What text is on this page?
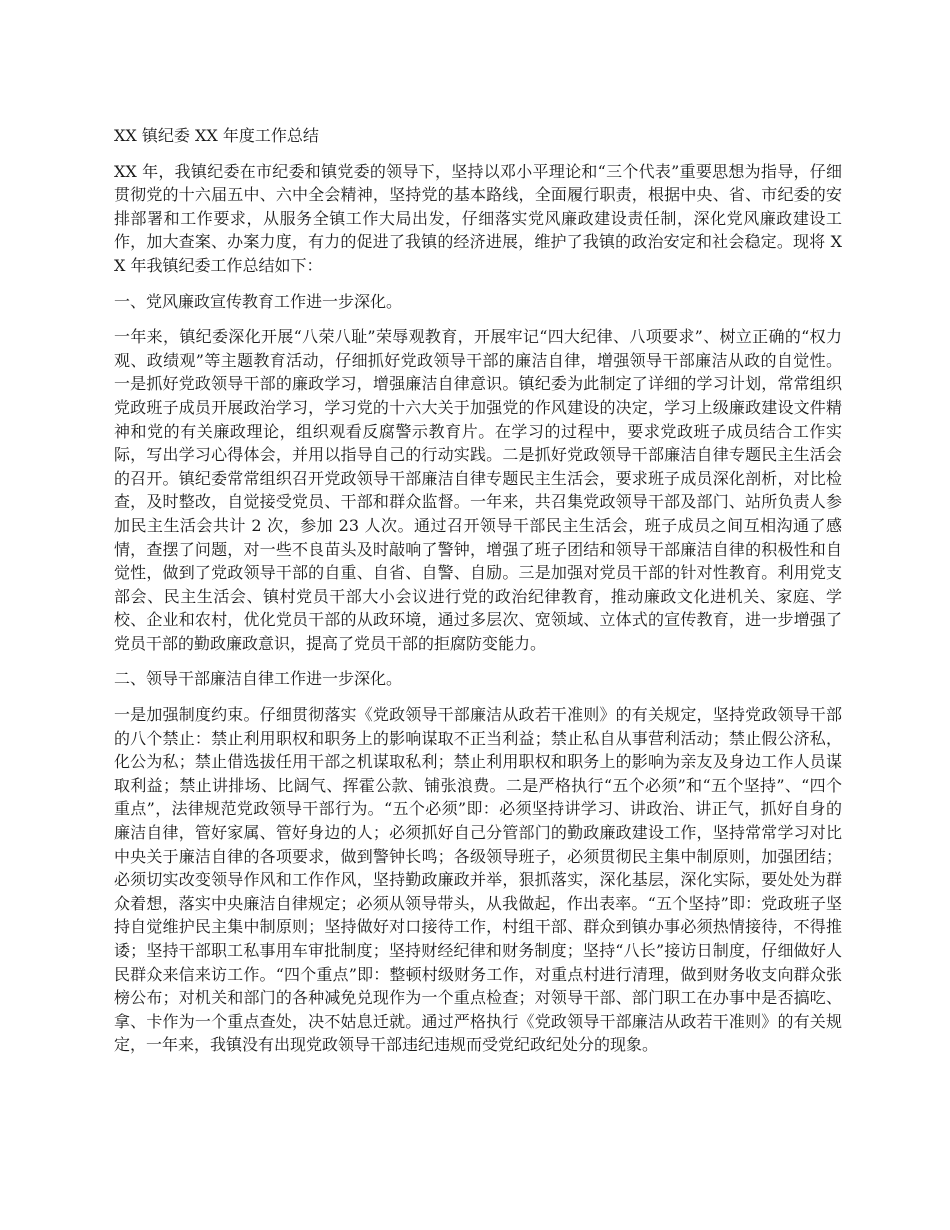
XX 镇纪委 XX 年度工作总结

XX 年，我镇纪委在市纪委和镇党委的领导下，坚持以邓小平理论和“三个代表”重要思想为指导，仔细贯彻党的十六届五中、六中全会精神，坚持党的基本路线，全面履行职责，根据中央、省、市纪委的安排部署和工作要求，从服务全镇工作大局出发，仔细落实党风廉政建设责任制，深化党风廉政建设工作，加大查案、办案力度，有力的促进了我镇的经济进展，维护了我镇的政治安定和社会稳定。现将 XX 年我镇纪委工作总结如下：

一、党风廉政宣传教育工作进一步深化。

一年来，镇纪委深化开展“八荣八耻”荣辱观教育，开展牢记“四大纪律、八项要求”、树立正确的“权力观、政绩观”等主题教育活动，仔细抓好党政领导干部的廉洁自律，增强领导干部廉洁从政的自觉性。一是抓好党政领导干部的廉政学习，增强廉洁自律意识。镇纪委为此制定了详细的学习计划，常常组织党政班子成员开展政治学习，学习党的十六大关于加强党的作风建设的决定，学习上级廉政建设文件精神和党的有关廉政理论，组织观看反腐警示教育片。在学习的过程中，要求党政班子成员结合工作实际，写出学习心得体会，并用以指导自己的行动实践。二是抓好党政领导干部廉洁自律专题民主生活会的召开。镇纪委常常组织召开党政领导干部廉洁自律专题民主生活会，要求班子成员深化剖析，对比检查，及时整改，自觉接受党员、干部和群众监督。一年来，共召集党政领导干部及部门、站所负责人参加民主生活会共计 2 次，参加 23 人次。通过召开领导干部民主生活会，班子成员之间互相沟通了感情，查摆了问题，对一些不良苗头及时敲响了警钟，增强了班子团结和领导干部廉洁自律的积极性和自觉性，做到了党政领导干部的自重、自省、自警、自励。三是加强对党员干部的针对性教育。利用党支部会、民主生活会、镇村党员干部大小会议进行党的政治纪律教育，推动廉政文化进机关、家庭、学校、企业和农村，优化党员干部的从政环境，通过多层次、宽领域、立体式的宣传教育，进一步增强了党员干部的勤政廉政意识，提高了党员干部的拒腐防变能力。

二、领导干部廉洁自律工作进一步深化。

一是加强制度约束。仔细贯彻落实《党政领导干部廉洁从政若干准则》的有关规定，坚持党政领导干部的八个禁止：禁止利用职权和职务上的影响谋取不正当利益；禁止私自从事营利活动；禁止假公济私，化公为私；禁止借选拔任用干部之机谋取私利；禁止利用职权和职务上的影响为亲友及身边工作人员谋取利益；禁止讲排场、比阔气、挥霍公款、铺张浪费。二是严格执行“五个必须”和“五个坚持”、“四个重点”，法律规范党政领导干部行为。“五个必须”即：必须坚持讲学习、讲政治、讲正气，抓好自身的廉洁自律，管好家属、管好身边的人；必须抓好自己分管部门的勤政廉政建设工作，坚持常常学习对比中央关于廉洁自律的各项要求，做到警钟长鸣；各级领导班子，必须贯彻民主集中制原则，加强团结；必须切实改变领导作风和工作作风，坚持勤政廉政并举，狠抓落实，深化基层，深化实际，要处处为群众着想，落实中央廉洁自律规定；必须从领导带头，从我做起，作出表率。“五个坚持”即：党政班子坚持自觉维护民主集中制原则；坚持做好对口接待工作，村组干部、群众到镇办事必须热情接待，不得推诿；坚持干部职工私事用车审批制度；坚持财经纪律和财务制度；坚持“八长”接访日制度，仔细做好人民群众来信来访工作。“四个重点”即：整顿村级财务工作，对重点村进行清理，做到财务收支向群众张榜公布；对机关和部门的各种减免兑现作为一个重点检查；对领导干部、部门职工在办事中是否搞吃、拿、卡作为一个重点查处，决不姑息迁就。通过严格执行《党政领导干部廉洁从政若干准则》的有关规定，一年来，我镇没有出现党政领导干部违纪违规而受党纪政纪处分的现象。
